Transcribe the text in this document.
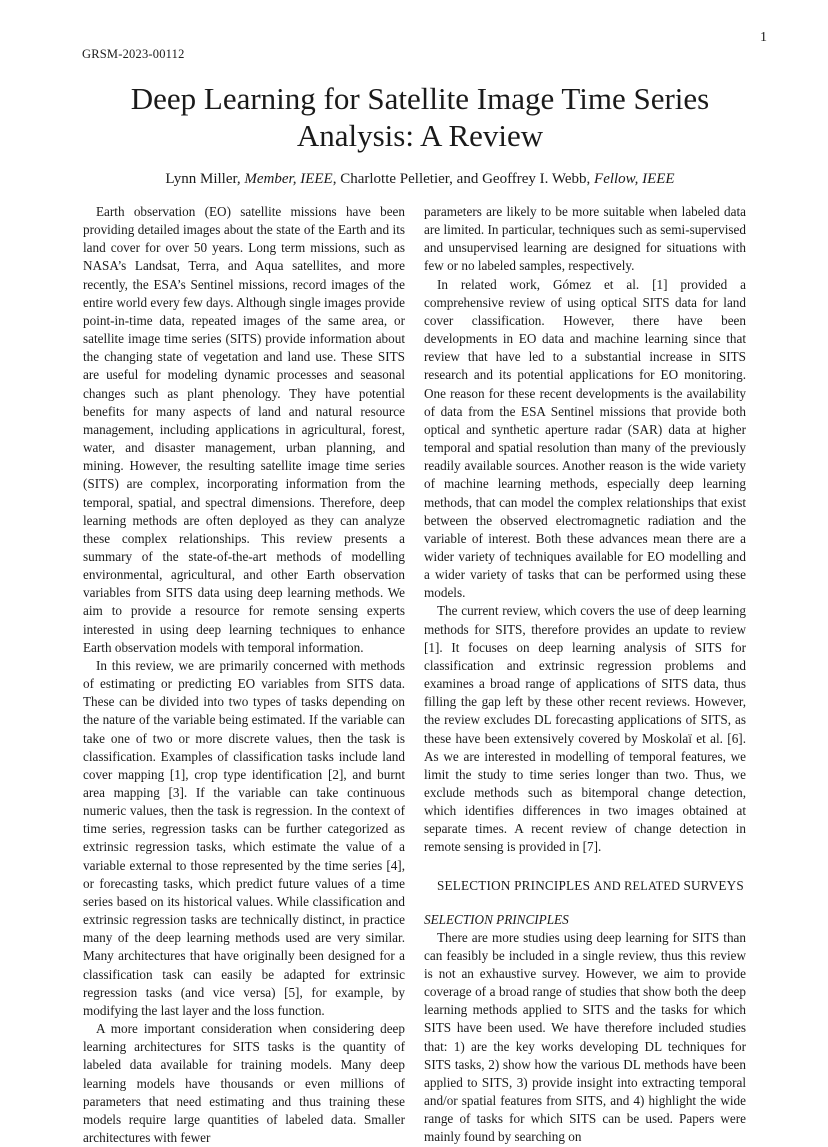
1
GRSM-2023-00112
Deep Learning for Satellite Image Time Series
Analysis: A Review
Lynn Miller, Member, IEEE, Charlotte Pelletier, and Geoffrey I. Webb, Fellow, IEEE

Earth observation (EO) satellite missions have been providing detailed images about the state of the Earth and its land cover for over 50 years. Long term missions, such as NASA’s Landsat, Terra, and Aqua satellites, and more recently, the ESA’s Sentinel missions, record images of the entire world every few days. Although single images provide point-in-time data, repeated images of the same area, or satellite image time series (SITS) provide information about the changing state of vegetation and land use. These SITS are useful for modeling dynamic processes and seasonal changes such as plant phenology. They have potential benefits for many aspects of land and natural resource management, including applications in agricultural, forest, water, and disaster management, urban planning, and mining. However, the resulting satellite image time series (SITS) are complex, incorporating information from the temporal, spatial, and spectral dimensions. Therefore, deep learning methods are often deployed as they can analyze these complex relationships. This review presents a summary of the state-of-the-art methods of modelling environmental, agricultural, and other Earth observation variables from SITS data using deep learning methods. We aim to provide a resource for remote sensing experts interested in using deep learning techniques to enhance Earth observation models with temporal information.

In this review, we are primarily concerned with methods of estimating or predicting EO variables from SITS data. These can be divided into two types of tasks depending on the nature of the variable being estimated. If the variable can take one of two or more discrete values, then the task is classification. Examples of classification tasks include land cover mapping [1], crop type identification [2], and burnt area mapping [3]. If the variable can take continuous numeric values, then the task is regression. In the context of time series, regression tasks can be further categorized as extrinsic regression tasks, which estimate the value of a variable external to those represented by the time series [4], or forecasting tasks, which predict future values of a time series based on its historical values. While classification and extrinsic regression tasks are technically distinct, in practice many of the deep learning methods used are very similar. Many architectures that have originally been designed for a classification task can easily be adapted for extrinsic regression tasks (and vice versa) [5], for example, by modifying the last layer and the loss function.

A more important consideration when considering deep learning architectures for SITS tasks is the quantity of labeled data available for training models. Many deep learning models have thousands or even millions of parameters that need estimating and thus training these models require large quantities of labeled data. Smaller architectures with fewer

parameters are likely to be more suitable when labeled data are limited. In particular, techniques such as semi-supervised and unsupervised learning are designed for situations with few or no labeled samples, respectively.

In related work, Gómez et al. [1] provided a comprehensive review of using optical SITS data for land cover classification. However, there have been developments in EO data and machine learning since that review that have led to a substantial increase in SITS research and its potential applications for EO monitoring. One reason for these recent developments is the availability of data from the ESA Sentinel missions that provide both optical and synthetic aperture radar (SAR) data at higher temporal and spatial resolution than many of the previously readily available sources. Another reason is the wide variety of machine learning methods, especially deep learning methods, that can model the complex relationships that exist between the observed electromagnetic radiation and the variable of interest. Both these advances mean there are a wider variety of techniques available for EO modelling and a wider variety of tasks that can be performed using these models.

The current review, which covers the use of deep learning methods for SITS, therefore provides an update to review [1]. It focuses on deep learning analysis of SITS for classification and extrinsic regression problems and examines a broad range of applications of SITS data, thus filling the gap left by these other recent reviews. However, the review excludes DL forecasting applications of SITS, as these have been extensively covered by Moskolaï et al. [6]. As we are interested in modelling of temporal features, we limit the study to time series longer than two. Thus, we exclude methods such as bitemporal change detection, which identifies differences in two images obtained at separate times. A recent review of change detection in remote sensing is provided in [7].

SELECTION PRINCIPLES AND RELATED SURVEYS
SELECTION PRINCIPLES

There are more studies using deep learning for SITS than can feasibly be included in a single review, thus this review is not an exhaustive survey. However, we aim to provide coverage of a broad range of studies that show both the deep learning methods applied to SITS and the tasks for which SITS have been used. We have therefore included studies that: 1) are the key works developing DL techniques for SITS tasks, 2) show how the various DL methods have been applied to SITS, 3) provide insight into extracting temporal and/or spatial features from SITS, and 4) highlight the wide range of tasks for which SITS can be used. Papers were mainly found by searching on
